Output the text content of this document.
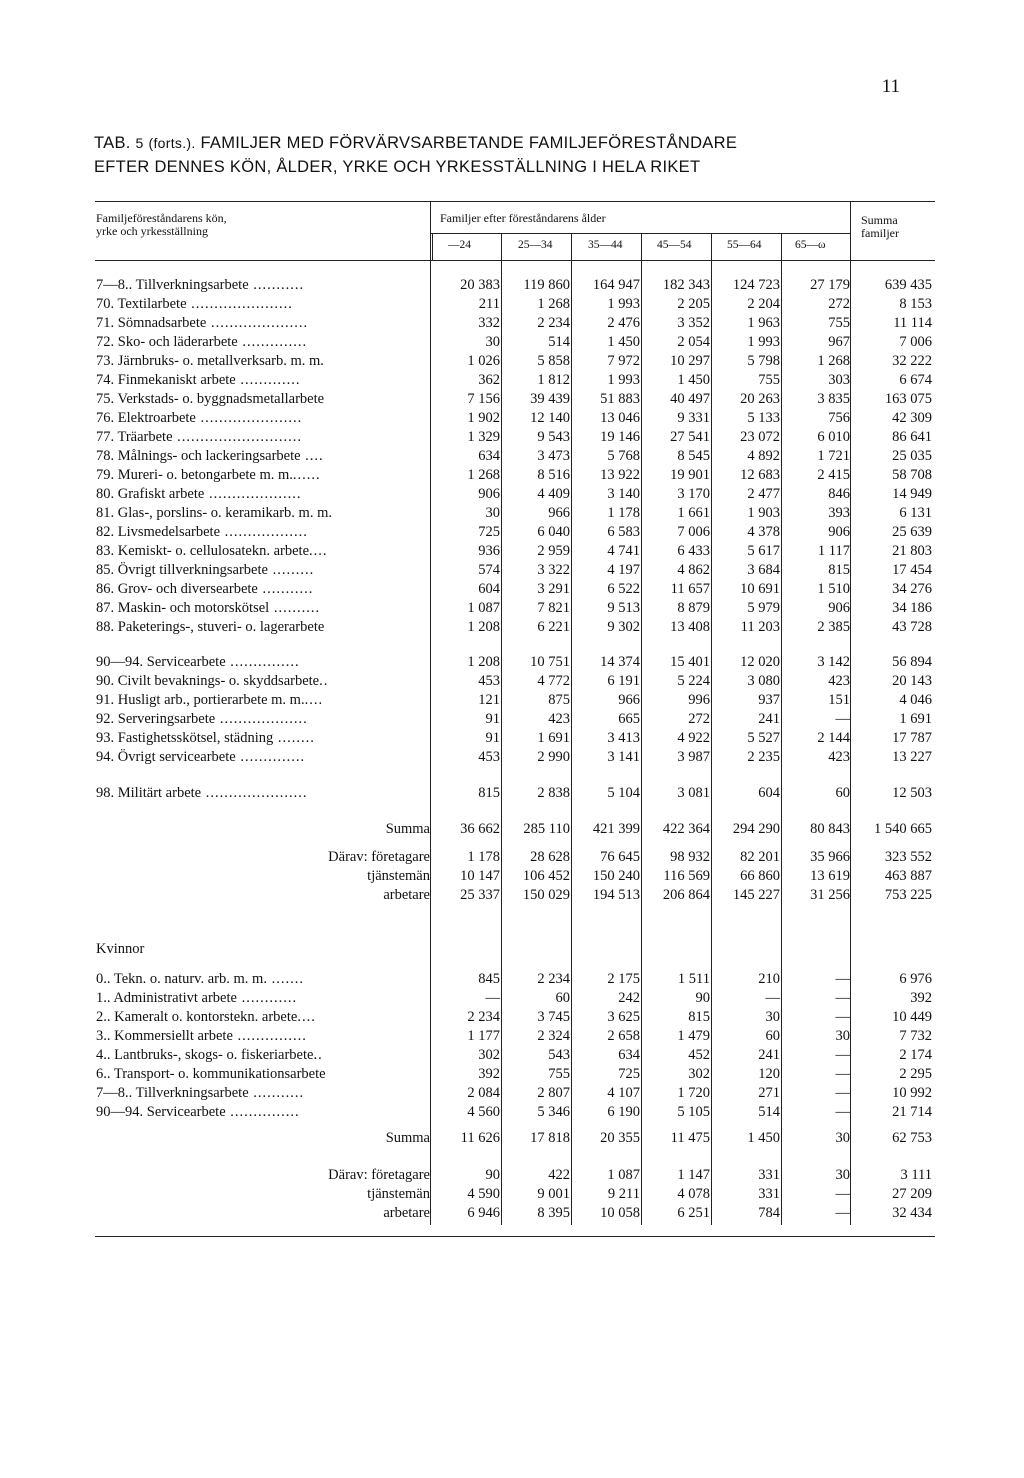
11
TAB. 5 (forts.). FAMILJER MED FÖRVÄRVSARBETANDE FAMILJEFÖRESTÅNDARE
EFTER DENNES KÖN, ÅLDER, YRKE OCH YRKESSTÄLLNING I HELA RIKET
Familjeföreståndarens kön,
yrke och yrkesställning
Familjer efter föreståndarens ålder	Summa
familjer
—24	25—34	35—44	45—54	55—64	65—ω
Kvinnor
7—8.. Tillverkningsarbete ...........	20 383	119 860	164 947	182 343	124 723	27 179	639 435
70. Textilarbete ......................	211	1 268	1 993	2 205	2 204	272	8 153
71. Sömnadsarbete .....................	332	2 234	2 476	3 352	1 963	755	11 114
72. Sko- och läderarbete ..............	30	514	1 450	2 054	1 993	967	7 006
73. Järnbruks- o. metallverksarb. m. m.	1 026	5 858	7 972	10 297	5 798	1 268	32 222
74. Finmekaniskt arbete .............	362	1 812	1 993	1 450	755	303	6 674
75. Verkstads- o. byggnadsmetallarbete	7 156	39 439	51 883	40 497	20 263	3 835	163 075
76. Elektroarbete ......................	1 902	12 140	13 046	9 331	5 133	756	42 309
77. Träarbete ...........................	1 329	9 543	19 146	27 541	23 072	6 010	86 641
78. Målnings- och lackeringsarbete ....	634	3 473	5 768	8 545	4 892	1 721	25 035
79. Mureri- o. betongarbete m. m.......	1 268	8 516	13 922	19 901	12 683	2 415	58 708
80. Grafiskt arbete ....................	906	4 409	3 140	3 170	2 477	846	14 949
81. Glas-, porslins- o. keramikarb. m. m.	30	966	1 178	1 661	1 903	393	6 131
82. Livsmedelsarbete ..................	725	6 040	6 583	7 006	4 378	906	25 639
83. Kemiskt- o. cellulosatekn. arbete....	936	2 959	4 741	6 433	5 617	1 117	21 803
85. Övrigt tillverkningsarbete .........	574	3 322	4 197	4 862	3 684	815	17 454
86. Grov- och diversearbete ...........	604	3 291	6 522	11 657	10 691	1 510	34 276
87. Maskin- och motorskötsel ..........	1 087	7 821	9 513	8 879	5 979	906	34 186
88. Paketerings-, stuveri- o. lagerarbete	1 208	6 221	9 302	13 408	11 203	2 385	43 728
90—94. Servicearbete ...............	1 208	10 751	14 374	15 401	12 020	3 142	56 894
90. Civilt bevaknings- o. skyddsarbete..	453	4 772	6 191	5 224	3 080	423	20 143
91. Husligt arb., portierarbete m. m.....	121	875	966	996	937	151	4 046
92. Serveringsarbete ...................	91	423	665	272	241	—	1 691
93. Fastighetsskötsel, städning ........	91	1 691	3 413	4 922	5 527	2 144	17 787
94. Övrigt servicearbete ..............	453	2 990	3 141	3 987	2 235	423	13 227
98. Militärt arbete ......................	815	2 838	5 104	3 081	604	60	12 503
Summa	36 662	285 110	421 399	422 364	294 290	80 843	1 540 665
Därav: företagare	1 178	28 628	76 645	98 932	82 201	35 966	323 552
tjänstemän	10 147	106 452	150 240	116 569	66 860	13 619	463 887
arbetare	25 337	150 029	194 513	206 864	145 227	31 256	753 225
0.. Tekn. o. naturv. arb. m. m. .......	845	2 234	2 175	1 511	210	—	6 976
1.. Administrativt arbete ............	—	60	242	90	—	—	392
2.. Kameralt o. kontorstekn. arbete....	2 234	3 745	3 625	815	30	—	10 449
3.. Kommersiellt arbete ...............	1 177	2 324	2 658	1 479	60	30	7 732
4.. Lantbruks-, skogs- o. fiskeriarbete..	302	543	634	452	241	—	2 174
6.. Transport- o. kommunikationsarbete	392	755	725	302	120	—	2 295
7—8.. Tillverkningsarbete ...........	2 084	2 807	4 107	1 720	271	—	10 992
90—94. Servicearbete ...............	4 560	5 346	6 190	5 105	514	—	21 714
Summa	11 626	17 818	20 355	11 475	1 450	30	62 753
Därav: företagare	90	422	1 087	1 147	331	30	3 111
tjänstemän	4 590	9 001	9 211	4 078	331	—	27 209
arbetare	6 946	8 395	10 058	6 251	784	—	32 434
